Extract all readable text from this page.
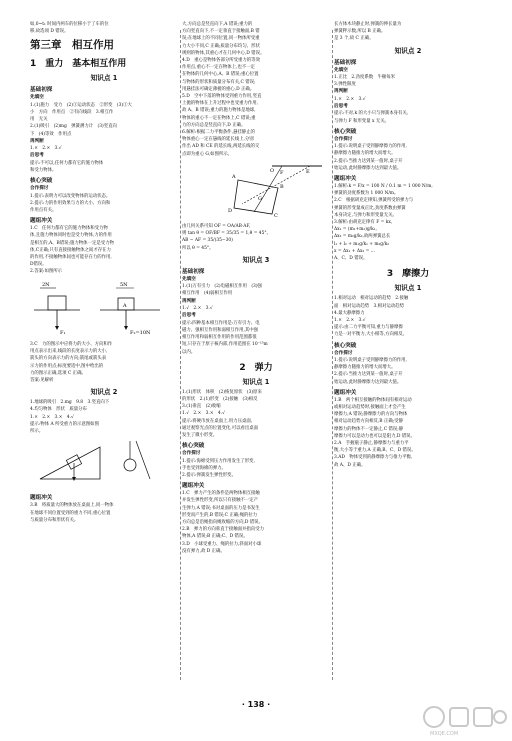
如,0~t₁ 时间内两车的位移小于了车的位

移,故选项 D 错误。

第三章　相互作用
1　重力　基本相互作用
知识点 1
基础初探
先填空

1.(1)施力　受力　(2)①运动状态　②形变　(3)①大

小　方向　作用点　②有向线段　3.相互作

用　无关

2.(1)吸引　(2)mg　弹簧测力计　(3)竖直向

下　(4)等效　作用点

再判断

1.×　2.×　3.√

后思考

提示:不可以,任何力都有它的施力物体

和受力物体。

核心突破
合作探讨

1.提示:表明力可以改变物体的运动状态。

2.提示:力的作用效果与力的大小、方向和

作用点有关。

题组冲关

1.C　任何力都有它的施力物体和受力物

体,且施力物体同时也是受力物体,力的作用

是相互的,A、B错误;施力物体一定是受力物

体,C正确;只有直接接触物体之间才存在力

的作用,不接触物体间也可能存在力的作用,

D错误。

2.答案:如图所示

2N
F₁
A
5N
F₂=10N

3.C　力的图示中应将力的大小、方向和作

用点表示出来,线段的长度表示力的大小,

箭头的方向表示力的方向;箭尾或箭头表

示力的作用点;标度要适中,图中给出的

力的图示正确,选项 C 正确。

答案:见解析

知识点 2

1.地球的吸引　2.mg　9.8　3.竖直向下

4.均匀物体　形状　质量分布

1.×　2.×　3.×　4.√

提示:物体 A 所受重力的示意图如图

所示。

题组冲关

3.B　将质量大的物体放在桌面上,同一物体

在地球不同位置受到的重力不同,重心位置

与质量分布和形状有关。

大,方向总是竖直向下,A 错误;重力的

方向竖直向下,不一定垂直于接触面,B 错

误;在地球上的不同位置,同一物体所受重

力大小不同,C 正确;质量分布均匀、形状

规则的物体,其重心才在几何中心,D 错误。

4.D　重心是物体各部分所受重力的等效

作用点,重心不一定在物体上,也不一定

在物体的几何中心,A、B 错误;重心位置

与物体的形状和质量分布有关,C 错误;

用悬挂法可确定薄板的重心,D 正确。

5.D　空中下落的物体受到重力作用,竖直

上抛的物体在上升过程中也受重力作用,

故 A、B 错误;重力的施力物体是地球,

物体的重心不一定在物体上,C 错误;重

力的方向总是竖直向下,D 正确。

6.解析:根据二力平衡条件,悬挂静止的

物体重心一定在悬线的延长线上,分别

作出 AD 和 CE 的延长线,两延长线的交

点即为重心 G,如图所示。

A
B
C
D
E
F
G
O

由几何关系可知 OF = OA/AB·AF,

则 tan θ = OF/BF = 35/35 = 1,θ = 45°。

AB − AF = 35/(35−30)

所以 θ = 45°。

知识点 3
基础初探
先填空

1.(1)万有引力　(2)电磁相互作用　(3)强

相互作用　(4)弱相互作用

再判断

1.√　2.×　3.√

后思考

提示:四种基本相互作用是:万有引力、电

磁力、强相互作用和弱相互作用,其中强

相互作用和弱相互作用的作用范围都很

短,只存在于原子核内部,作用范围在 10⁻¹⁵m

以内。

2　弹力
知识点 1

1.(1)形状　体积　(2)恢复原状　(3)原来

的形状　2.(1)形变　(2)接触　(3)相反

3.(1)垂直　(2)收缩

1.√　2.×　3.×　4.√

提示:将硬币放在桌面上,用力压桌面,

通过观察光点的位置变化,可以看出桌面

发生了微小形变。

核心突破
合作探讨

1.提示:海绵受到压力作用发生了形变,

手也受到海绵的弹力。

2.提示:弹簧发生弹性形变。

题组冲关

1.C　弹力产生的条件是两物体相互接触

并发生弹性形变,所以只有接触不一定产

生弹力,A 错误;书对桌面的压力是书发生

形变而产生的,B 错误;C 正确;绳的拉力

方向总是沿绳指向绳收缩的方向,D 错误。

2.B　弹力的方向垂直于接触面并指向受力

物体,A 错误;B 正确;C、D 错误。

3.D　小球受重力、绳的拉力,斜面对小球

没有弹力,故 D 正确。

长方体木块静止时,弹簧的伸长量为

弹簧秤示数,所以 B 正确。

是 3 个,故 C 正确。

知识点 2
基础初探
先填空

1.正比　2.劲度系数　牛顿每米

3.弹性限度

再判断

1.×　2.×　3.√

后思考

提示:不对,k 的大小只与弹簧本身有关,

与弹力 F 和形变量 x 无关。

核心突破
合作探讨

1.提示:说明桌子受到静摩擦力的作用,

静摩擦力随推力的增大而增大。

2.提示:当推力达到某一值时,桌子开

始运动,此时静摩擦力达到最大值。

题组冲关

1.解析:k = F/x = 100 N / 0.1 m = 1 000 N/m,

弹簧的劲度系数为 1 000 N/m。

2.C　根据胡克定律知,弹簧所受的弹力与

弹簧的形变量成正比,劲度系数由弹簧

本身决定,与弹力和形变量无关。

3.解析:由胡克定律有 F = kx,

Δx₁ = (m₁+m₂)g/k₁,

Δx₂ = m₂g/k₂,故两弹簧总长

l₁ + l₂ + m₁g/k₁ + m₂g/k₂

x = Δx₁ + Δx₂ = ...

A、C、D 错误。

3　摩擦力
知识点 1

1.相对运动　相对运动的趋势　2.接触

面　相对运动趋势　3.相对运动趋势

4.最大静摩擦力

1.×　2.×　3.√

提示:由二力平衡可知,重力与静摩擦

力是一对平衡力,大小相等,方向相反。

核心突破
合作探讨

1.提示:说明桌子受到静摩擦力的作用,

静摩擦力随推力的增大而增大。

2.提示:当推力达到某一值时,桌子开

始运动,此时静摩擦力达到最大值。

题组冲关

1.B　两个相互接触的物体间有相对运动

或相对运动趋势时,接触面上才会产生

摩擦力,A 错误;静摩擦力的方向与物体

相对运动趋势方向相反,B 正确;受静

摩擦力的物体不一定静止,C 错误;静

摩擦力可以是动力也可以是阻力,D 错误。

2.A　手握瓶子静止,静摩擦力与重力平

衡,大小等于重力,A 正确,B、C、D 错误。

3.AD　物体受到的静摩擦力与推力平衡,

故 A、D 正确。

· 138 ·
MXQE.COM
